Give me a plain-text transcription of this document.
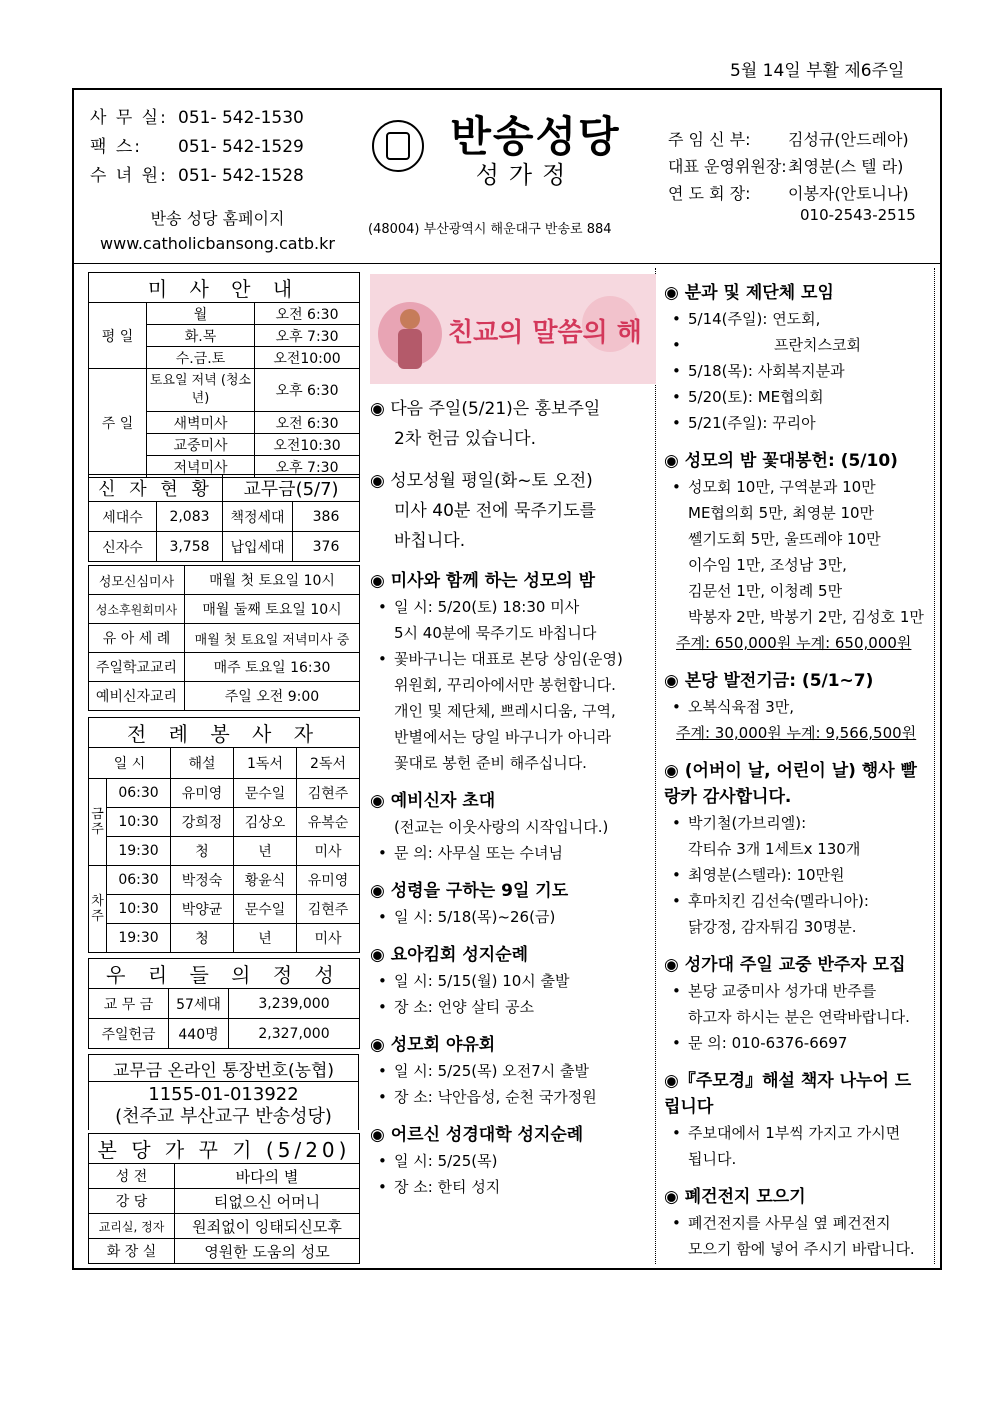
5월 14일 부활 제6주일
사 무 실: 051- 542-1530
팩 스: 051- 542-1529
수 녀 원: 051- 542-1528
반송 성당 홈페이지
www.catholicbansong.catb.kr
반송성당
성가정
(48004) 부산광역시 해운대구 반송로 884
주 임 신 부: 김성규(안드레아)
대표 운영위원장:최영분(스 텔 라)
연 도 회 장: 이봉자(안토니나)
010-2543-2515
미 사 안 내		
평 일	월	오전 6:30
	화.목	오후 7:30
	수.금.토	오전10:00
주 일	토요일 저녁 (청소년)	오후 6:30
	새벽미사	오전 6:30
	교중미사	오전10:30
	저녁미사	오후 7:30
신 자 현 황		교무금(5/7)	
세대수	2,083	책정세대	386
신자수	3,758	납입세대	376
성모신심미사	매월 첫 토요일 10시
성소후원회미사	매월 둘째 토요일 10시
유 아 세 례	매월 첫 토요일 저녁미사 중
주일학교교리	매주 토요일 16:30
예비신자교리	주일 오전 9:00
전 례 봉 사 자				
일 시		해설	1독서	2독서
금주	06:30	유미영	문수일	김현주
	10:30	강희정	김상오	유복순
	19:30	청	년	미사
차주	06:30	박정숙	황윤식	유미영
	10:30	박양균	문수일	김현주
	19:30	청	년	미사
우 리 들 의 정 성		
교 무 금	57세대	3,239,000
주일헌금	440명	2,327,000
교무금 온라인 통장번호(농협)

1155-01-013922
(천주교 부산교구 반송성당)
본 당 가 꾸 기 (5/20)	
성 전	바다의 별
강 당	티없으신 어머니
교리실, 정자	원죄없이 잉태되신모후
화 장 실	영원한 도움의 성모
친교의 말씀의 해
◉ 다음 주일(5/21)은 홍보주일
2차 헌금 있습니다.
◉ 성모성월 평일(화~토 오전)
미사 40분 전에 묵주기도를
바칩니다.
◉ 미사와 함께 하는 성모의 밤
• 일 시: 5/20(토) 18:30 미사
5시 40분에 묵주기도 바칩니다
• 꽃바구니는 대표로 본당 상임(운영)
위원회, 꾸리아에서만 봉헌합니다.
개인 및 제단체, 쁘레시디움, 구역,
반별에서는 당일 바구니가 아니라
꽃대로 봉헌 준비 해주십니다.
◉ 예비신자 초대
(전교는 이웃사랑의 시작입니다.)
• 문 의: 사무실 또는 수녀님
◉ 성령을 구하는 9일 기도
• 일 시: 5/18(목)~26(금)
◉ 요아킴회 성지순례
• 일 시: 5/15(월) 10시 출발
• 장 소: 언양 살티 공소
◉ 성모회 야유회
• 일 시: 5/25(목) 오전7시 출발
• 장 소: 낙안읍성, 순천 국가정원
◉ 어르신 성경대학 성지순례
• 일 시: 5/25(목)
• 장 소: 한티 성지
◉ 분과 및 제단체 모임
• 5/14(주일): 연도회,
• 프란치스코회
• 5/18(목): 사회복지분과
• 5/20(토): ME협의회
• 5/21(주일): 꾸리아
◉ 성모의 밤 꽃대봉헌: (5/10)
• 성모회 10만, 구역분과 10만
ME협의회 5만, 최영분 10만
쎌기도회 5만, 울뜨레야 10만
이수임 1만, 조성남 3만,
김문선 1만, 이청례 5만
박봉자 2만, 박봉기 2만, 김성호 1만
주계: 650,000원 누계: 650,000원
◉ 본당 발전기금: (5/1~7)
• 오복식육점 3만,
주계: 30,000원 누계: 9,566,500원
◉ (어버이 날, 어린이 날) 행사 빨랑카 감사합니다.
• 박기철(가브리엘):
각티슈 3개 1세트x 130개
• 최영분(스텔라): 10만원
• 후마치킨 김선숙(멜라니아):
닭강정, 감자튀김 30명분.
◉ 성가대 주일 교중 반주자 모집
• 본당 교중미사 성가대 반주를
하고자 하시는 분은 연락바랍니다.
• 문 의: 010-6376-6697
◉『주모경』해설 책자 나누어 드립니다
• 주보대에서 1부씩 가지고 가시면
됩니다.
◉ 폐건전지 모으기
• 폐건전지를 사무실 옆 폐건전지
모으기 함에 넣어 주시기 바랍니다.
